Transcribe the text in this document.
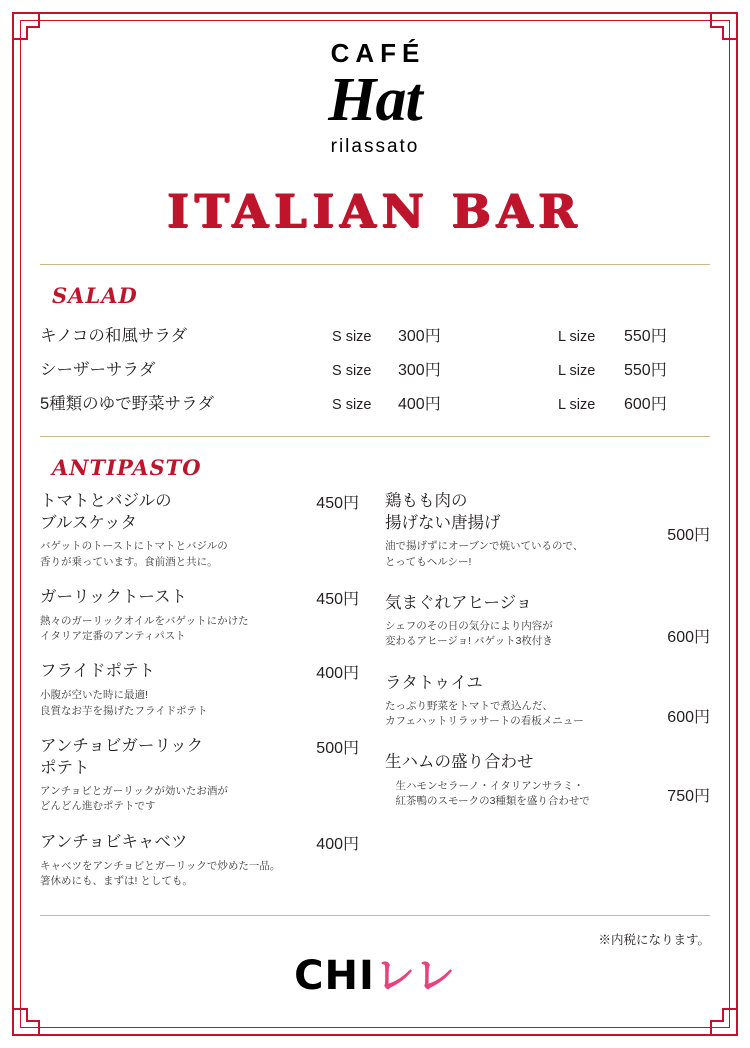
CAFÉ
Hat
rilassato
ITALIAN BAR
SALAD
キノコの和風サラダ	S size	300円	L size	550円
シーザーサラダ	S size	300円	L size	550円
5種類のゆで野菜サラダ	S size	400円	L size	600円
ANTIPASTO
トマトとバジルの
ブルスケッタ
450円
バゲットのトーストにトマトとバジルの
香りが乗っています。食前酒と共に。
ガーリックトースト	450円
熱々のガーリックオイルをバゲットにかけた
イタリア定番のアンティパスト
フライドポテト	400円
小腹が空いた時に最適!
良質なお芋を揚げたフライドポテト
アンチョビガーリック
ポテト
500円
アンチョビとガーリックが効いたお酒が
どんどん進むポテトです
アンチョビキャベツ	400円
キャベツをアンチョビとガーリックで炒めた一品。
箸休めにも、まずは! としても。
鶏もも肉の
揚げない唐揚げ
500円
油で揚げずにオーブンで焼いているので、
とってもヘルシー!
気まぐれアヒージョ
600円
シェフのその日の気分により内容が
変わるアヒージョ! バゲット3枚付き
ラタトゥイユ
600円
たっぷり野菜をトマトで煮込んだ、
カフェハットリラッサートの看板メニュー
生ハムの盛り合わせ
750円
　生ハモンセラーノ・イタリアンサラミ・
　紅茶鴨のスモークの3種類を盛り合わせで
※内税になります。
CHIレレ
